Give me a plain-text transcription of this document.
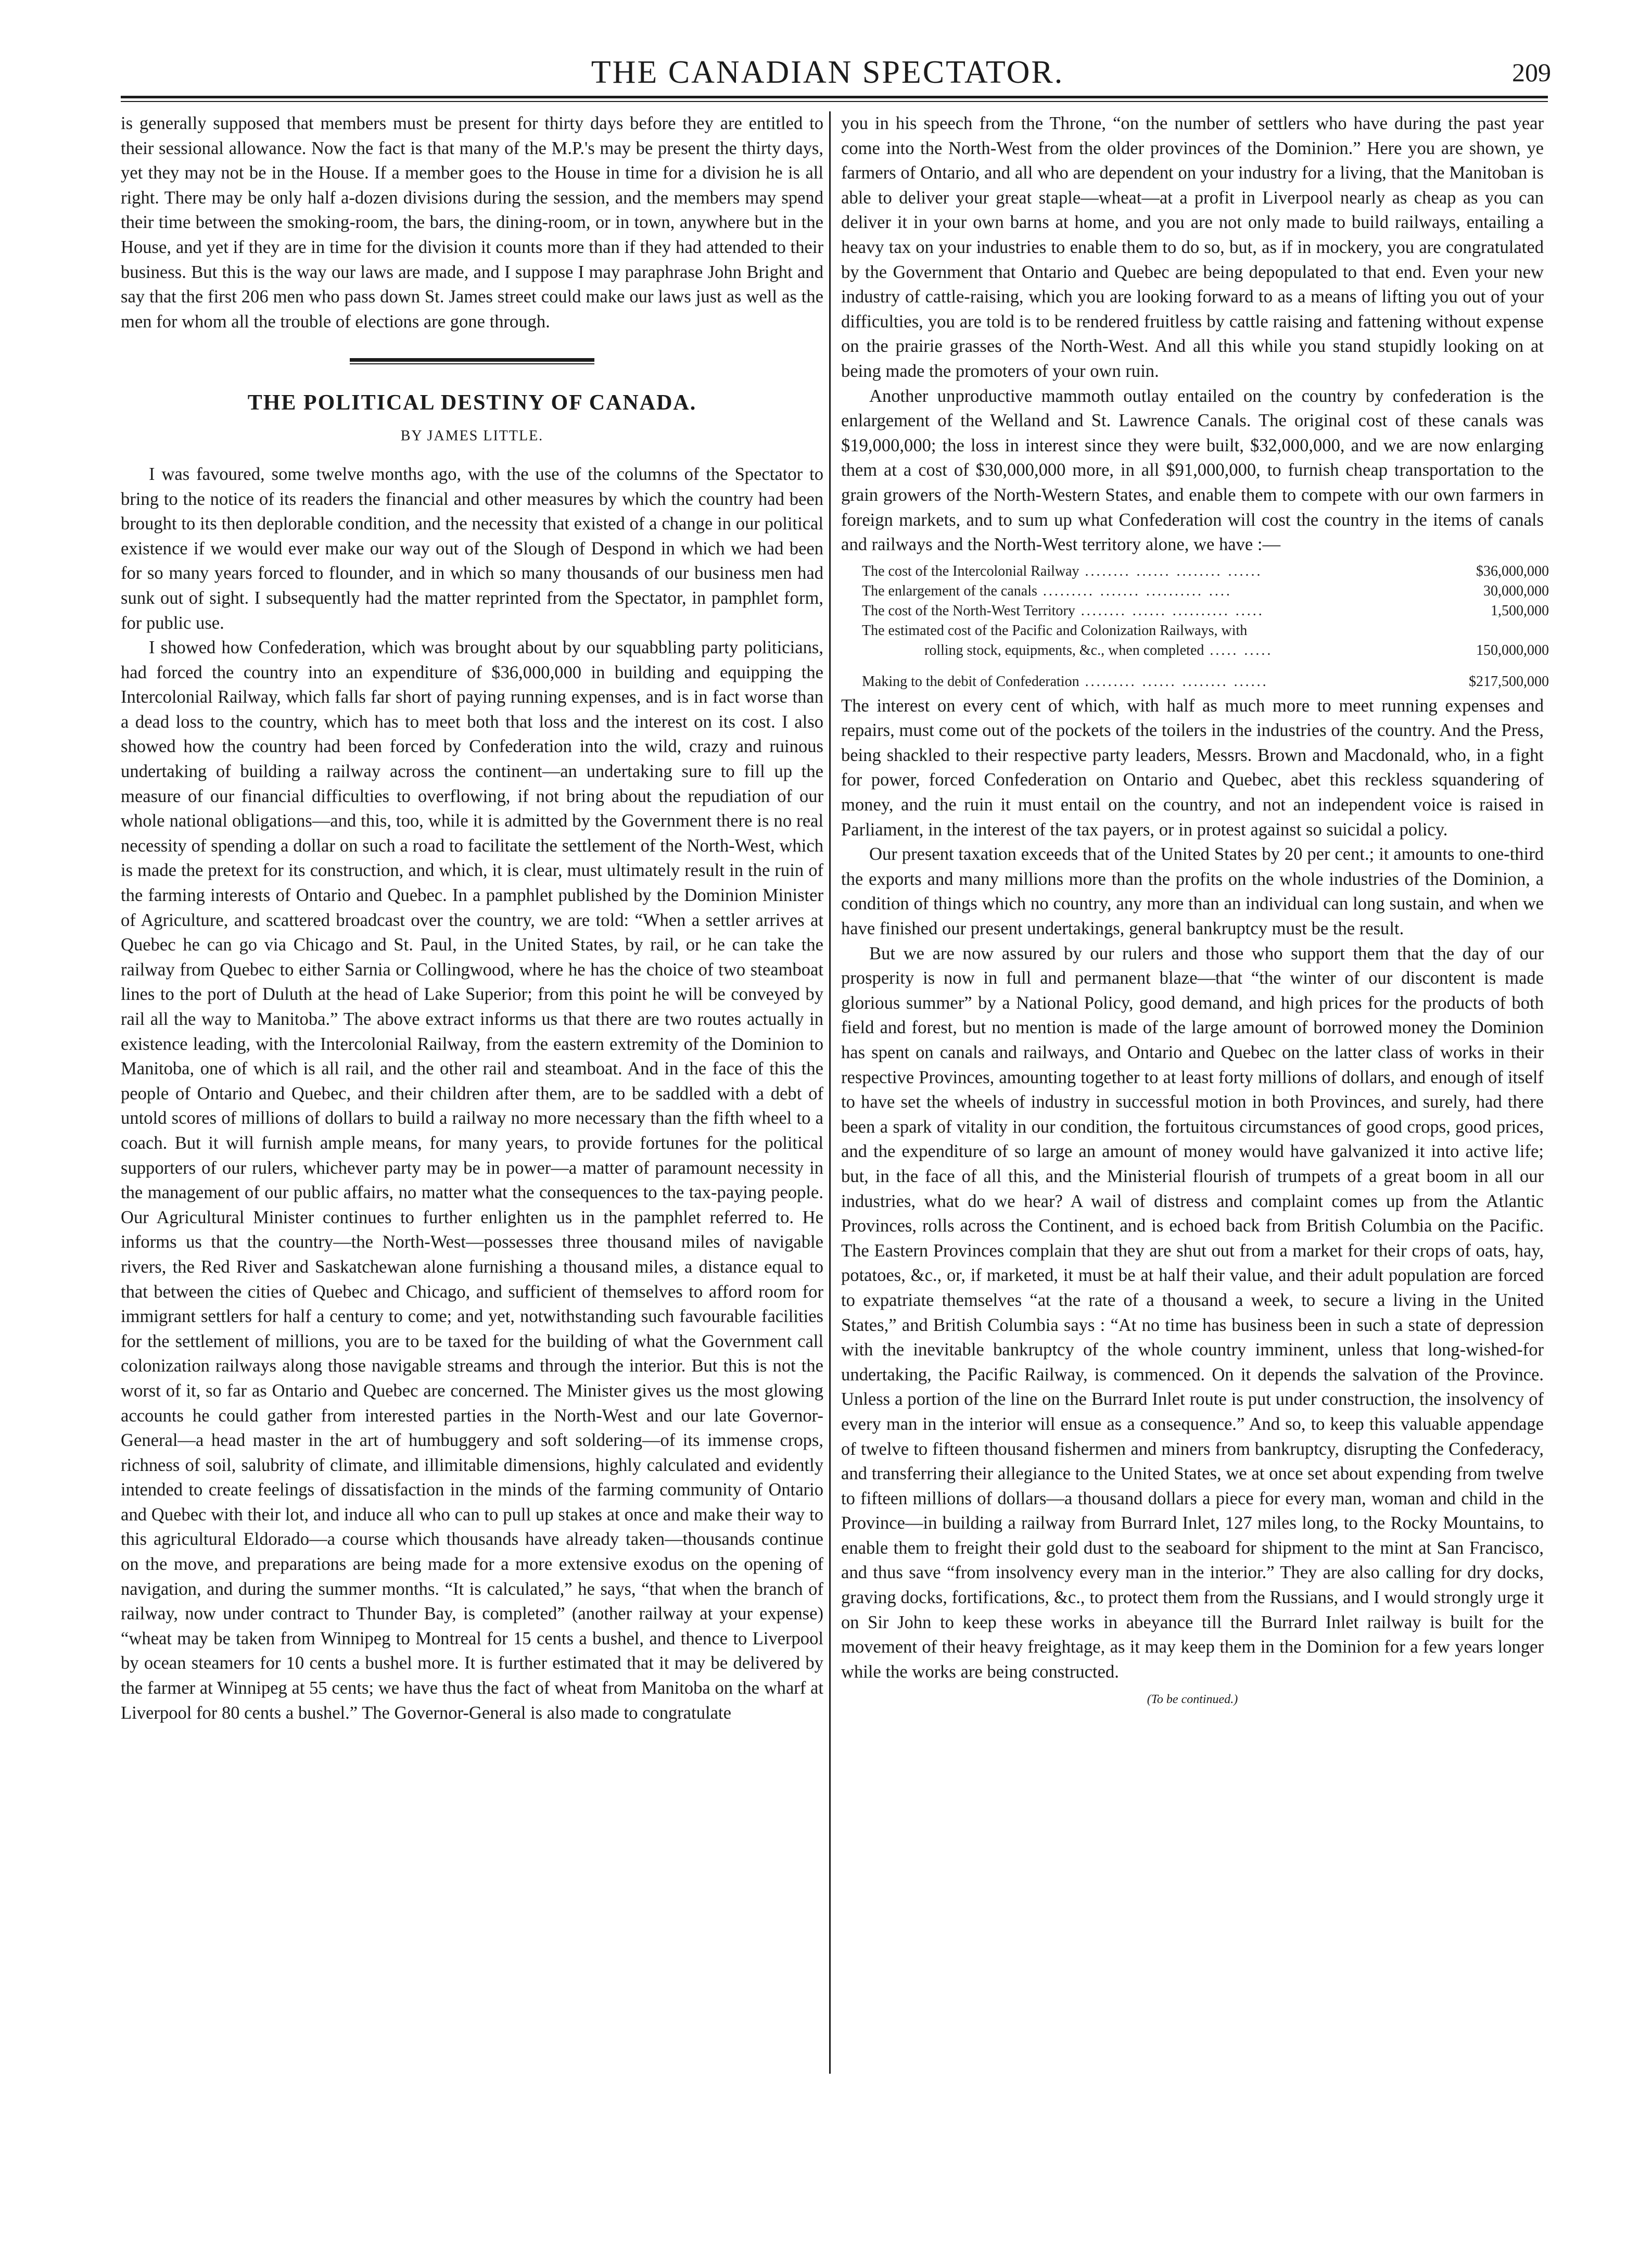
THE CANADIAN SPECTATOR.	209

is generally supposed that members must be present for thirty days before they are entitled to their sessional allowance. Now the fact is that many of the M.P.'s may be present the thirty days, yet they may not be in the House. If a member goes to the House in time for a division he is all right. There may be only half a-dozen divisions during the session, and the members may spend their time between the smoking-room, the bars, the dining-room, or in town, anywhere but in the House, and yet if they are in time for the division it counts more than if they had attended to their business. But this is the way our laws are made, and I suppose I may paraphrase John Bright and say that the first 206 men who pass down St. James street could make our laws just as well as the men for whom all the trouble of elections are gone through.

THE POLITICAL DESTINY OF CANADA.
BY JAMES LITTLE.

I was favoured, some twelve months ago, with the use of the columns of the Spectator to bring to the notice of its readers the financial and other measures by which the country had been brought to its then deplorable condition, and the necessity that existed of a change in our political existence if we would ever make our way out of the Slough of Despond in which we had been for so many years forced to flounder, and in which so many thousands of our business men had sunk out of sight. I subsequently had the matter reprinted from the Spectator, in pamphlet form, for public use.

I showed how Confederation, which was brought about by our squabbling party politicians, had forced the country into an expenditure of $36,000,000 in building and equipping the Intercolonial Railway, which falls far short of paying running expenses, and is in fact worse than a dead loss to the country, which has to meet both that loss and the interest on its cost. I also showed how the country had been forced by Confederation into the wild, crazy and ruinous undertaking of building a railway across the continent—an undertaking sure to fill up the measure of our financial difficulties to overflowing, if not bring about the repudiation of our whole national obligations—and this, too, while it is admitted by the Government there is no real necessity of spending a dollar on such a road to facilitate the settlement of the North-West, which is made the pretext for its construction, and which, it is clear, must ultimately result in the ruin of the farming interests of Ontario and Quebec. In a pamphlet published by the Dominion Minister of Agriculture, and scattered broadcast over the country, we are told: “When a settler arrives at Quebec he can go via Chicago and St. Paul, in the United States, by rail, or he can take the railway from Quebec to either Sarnia or Collingwood, where he has the choice of two steamboat lines to the port of Duluth at the head of Lake Superior; from this point he will be conveyed by rail all the way to Manitoba.” The above extract informs us that there are two routes actually in existence leading, with the Intercolonial Railway, from the eastern extremity of the Dominion to Manitoba, one of which is all rail, and the other rail and steamboat. And in the face of this the people of Ontario and Quebec, and their children after them, are to be saddled with a debt of untold scores of millions of dollars to build a railway no more necessary than the fifth wheel to a coach. But it will furnish ample means, for many years, to provide fortunes for the political supporters of our rulers, whichever party may be in power—a matter of paramount necessity in the management of our public affairs, no matter what the consequences to the tax-paying people. Our Agricultural Minister continues to further enlighten us in the pamphlet referred to. He informs us that the country—the North-West—possesses three thousand miles of navigable rivers, the Red River and Saskatchewan alone furnishing a thousand miles, a distance equal to that between the cities of Quebec and Chicago, and sufficient of themselves to afford room for immigrant settlers for half a century to come; and yet, notwithstanding such favourable facilities for the settlement of millions, you are to be taxed for the building of what the Government call colonization railways along those navigable streams and through the interior. But this is not the worst of it, so far as Ontario and Quebec are concerned. The Minister gives us the most glowing accounts he could gather from interested parties in the North-West and our late Governor-General—a head master in the art of humbuggery and soft soldering—of its immense crops, richness of soil, salubrity of climate, and illimitable dimensions, highly calculated and evidently intended to create feelings of dissatisfaction in the minds of the farming community of Ontario and Quebec with their lot, and induce all who can to pull up stakes at once and make their way to this agricultural Eldorado—a course which thousands have already taken—thousands continue on the move, and preparations are being made for a more extensive exodus on the opening of navigation, and during the summer months. “It is calculated,” he says, “that when the branch of railway, now under contract to Thunder Bay, is completed” (another railway at your expense) “wheat may be taken from Winnipeg to Montreal for 15 cents a bushel, and thence to Liverpool by ocean steamers for 10 cents a bushel more. It is further estimated that it may be delivered by the farmer at Winnipeg at 55 cents; we have thus the fact of wheat from Manitoba on the wharf at Liverpool for 80 cents a bushel.” The Governor-General is also made to congratulate

you in his speech from the Throne, “on the number of settlers who have during the past year come into the North-West from the older provinces of the Dominion.” Here you are shown, ye farmers of Ontario, and all who are dependent on your industry for a living, that the Manitoban is able to deliver your great staple—wheat—at a profit in Liverpool nearly as cheap as you can deliver it in your own barns at home, and you are not only made to build railways, entailing a heavy tax on your industries to enable them to do so, but, as if in mockery, you are congratulated by the Government that Ontario and Quebec are being depopulated to that end. Even your new industry of cattle-raising, which you are looking forward to as a means of lifting you out of your difficulties, you are told is to be rendered fruitless by cattle raising and fattening without expense on the prairie grasses of the North-West. And all this while you stand stupidly looking on at being made the promoters of your own ruin.

Another unproductive mammoth outlay entailed on the country by confederation is the enlargement of the Welland and St. Lawrence Canals. The original cost of these canals was $19,000,000; the loss in interest since they were built, $32,000,000, and we are now enlarging them at a cost of $30,000,000 more, in all $91,000,000, to furnish cheap transportation to the grain growers of the North-Western States, and enable them to compete with our own farmers in foreign markets, and to sum up what Confederation will cost the country in the items of canals and railways and the North-West territory alone, we have :—

The cost of the Intercolonial Railway ........ ...... ........ ......	$36,000,000
The enlargement of the canals ......... ....... .......... ....	30,000,000
The cost of the North-West Territory ........ ...... .......... .....	1,500,000
The estimated cost of the Pacific and Colonization Railways, with	
rolling stock, equipments, &c., when completed ..... .....	150,000,000
Making to the debit of Confederation ......... ...... ........ ......	$217,500,000

The interest on every cent of which, with half as much more to meet running expenses and repairs, must come out of the pockets of the toilers in the industries of the country. And the Press, being shackled to their respective party leaders, Messrs. Brown and Macdonald, who, in a fight for power, forced Confederation on Ontario and Quebec, abet this reckless squandering of money, and the ruin it must entail on the country, and not an independent voice is raised in Parliament, in the interest of the tax payers, or in protest against so suicidal a policy.

Our present taxation exceeds that of the United States by 20 per cent.; it amounts to one-third the exports and many millions more than the profits on the whole industries of the Dominion, a condition of things which no country, any more than an individual can long sustain, and when we have finished our present undertakings, general bankruptcy must be the result.

But we are now assured by our rulers and those who support them that the day of our prosperity is now in full and permanent blaze—that “the winter of our discontent is made glorious summer” by a National Policy, good demand, and high prices for the products of both field and forest, but no mention is made of the large amount of borrowed money the Dominion has spent on canals and railways, and Ontario and Quebec on the latter class of works in their respective Provinces, amounting together to at least forty millions of dollars, and enough of itself to have set the wheels of industry in successful motion in both Provinces, and surely, had there been a spark of vitality in our condition, the fortuitous circumstances of good crops, good prices, and the expenditure of so large an amount of money would have galvanized it into active life; but, in the face of all this, and the Ministerial flourish of trumpets of a great boom in all our industries, what do we hear? A wail of distress and complaint comes up from the Atlantic Provinces, rolls across the Continent, and is echoed back from British Columbia on the Pacific. The Eastern Provinces complain that they are shut out from a market for their crops of oats, hay, potatoes, &c., or, if marketed, it must be at half their value, and their adult population are forced to expatriate themselves “at the rate of a thousand a week, to secure a living in the United States,” and British Columbia says : “At no time has business been in such a state of depression with the inevitable bankruptcy of the whole country imminent, unless that long-wished-for undertaking, the Pacific Railway, is commenced. On it depends the salvation of the Province. Unless a portion of the line on the Burrard Inlet route is put under construction, the insolvency of every man in the interior will ensue as a consequence.” And so, to keep this valuable appendage of twelve to fifteen thousand fishermen and miners from bankruptcy, disrupting the Confederacy, and transferring their allegiance to the United States, we at once set about expending from twelve to fifteen millions of dollars—a thousand dollars a piece for every man, woman and child in the Province—in building a railway from Burrard Inlet, 127 miles long, to the Rocky Mountains, to enable them to freight their gold dust to the seaboard for shipment to the mint at San Francisco, and thus save “from insolvency every man in the interior.” They are also calling for dry docks, graving docks, fortifications, &c., to protect them from the Russians, and I would strongly urge it on Sir John to keep these works in abeyance till the Burrard Inlet railway is built for the movement of their heavy freightage, as it may keep them in the Dominion for a few years longer while the works are being constructed.

(To be continued.)
